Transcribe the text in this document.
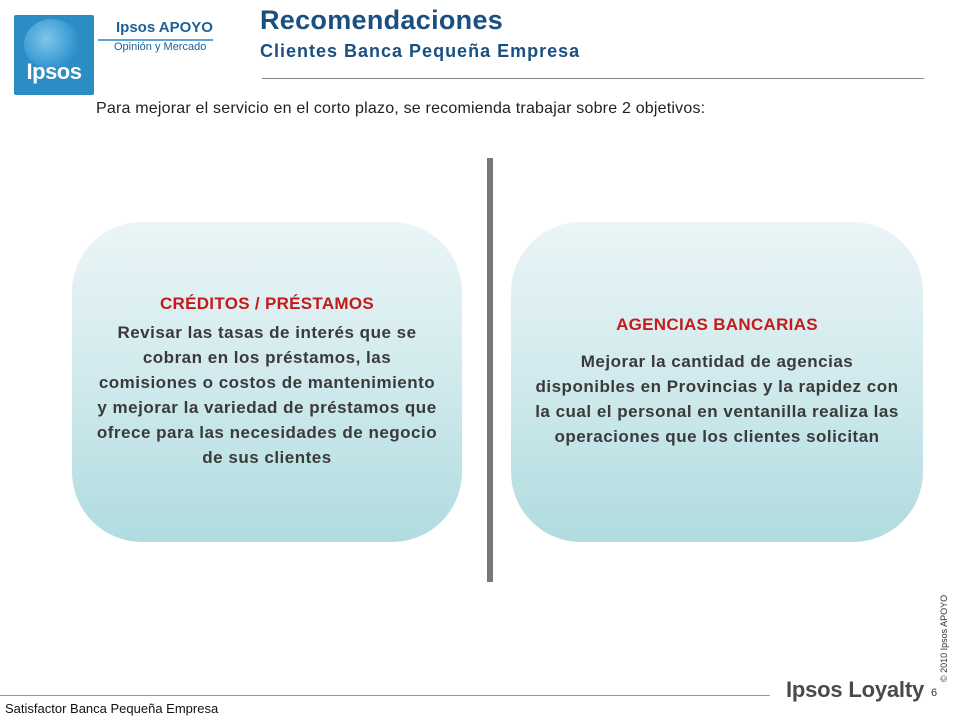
Ipsos
Ipsos APOYO
Opinión y Mercado
Recomendaciones
Clientes Banca Pequeña Empresa
Para mejorar el servicio en el corto plazo, se recomienda trabajar sobre 2 objetivos:
CRÉDITOS / PRÉSTAMOS
Revisar las tasas de interés que se cobran en los préstamos, las comisiones o costos de mantenimiento y mejorar la variedad de préstamos que ofrece para las necesidades de negocio de sus clientes
AGENCIAS BANCARIAS
Mejorar la cantidad de agencias disponibles en Provincias y la rapidez con la cual el personal en ventanilla realiza las operaciones que los clientes solicitan
Satisfactor Banca Pequeña Empresa
Ipsos Loyalty 6
© 2010 Ipsos APOYO
